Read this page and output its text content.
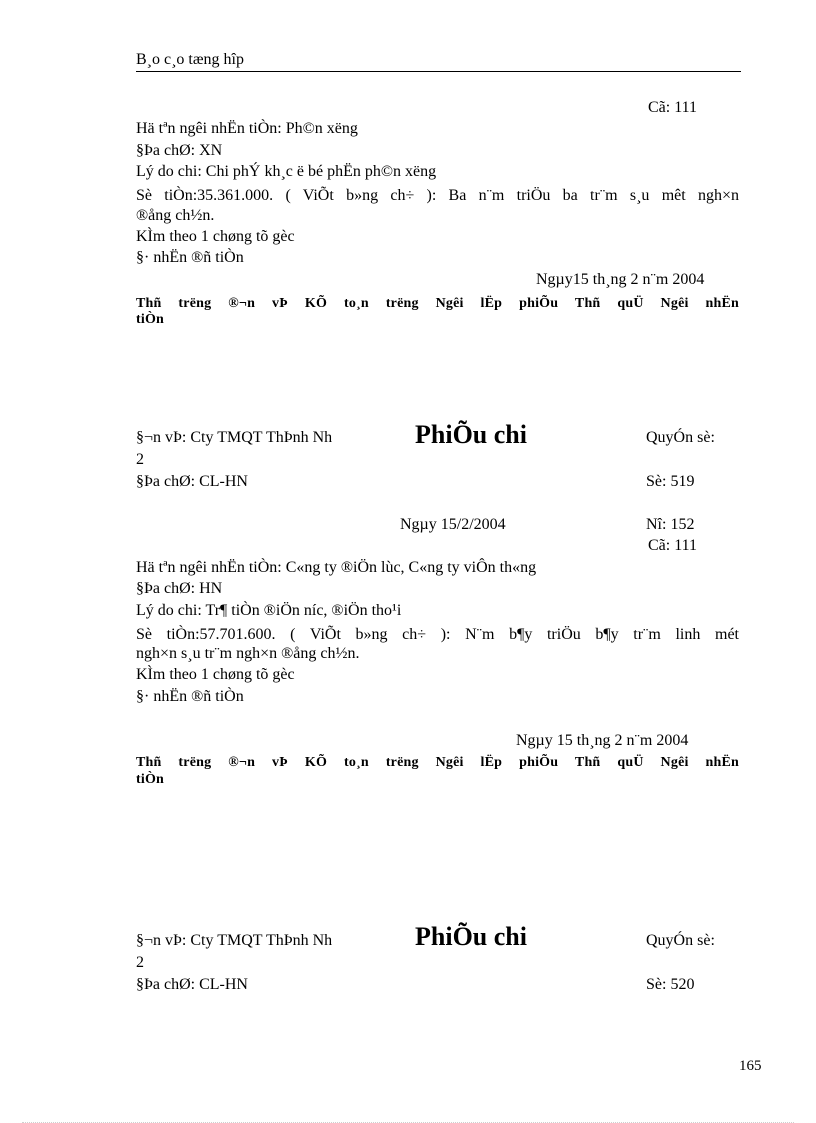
B¸o c¸o tæng hîp
Cã: 111
Hä tªn ngêi nhËn tiÒn: Ph©n xëng
§Þa chØ: XN
Lý do chi: Chi phÝ kh¸c ë bé phËn ph©n xëng
Sè tiÒn:35.361.000. ( ViÕt b»ng ch÷ ): Ba n¨m triÖu ba tr¨m s¸u mêt ngh×n
®ång ch½n.
KÌm theo 1 chøng tõ gèc
§· nhËn ®ñ tiÒn
Ngµy15 th¸ng 2 n¨m 2004
Thñ trëng ®¬n vÞ KÕ to¸n trëng Ngêi lËp phiÕu Thñ quÜ Ngêi nhËn
tiÒn
§¬n vÞ: Cty TMQT ThÞnh Nh	PhiÕu chi	QuyÓn sè:
2
§Þa chØ: CL-HN	Sè: 519
Ngµy 15/2/2004	Nî: 152
Cã: 111
Hä tªn ngêi nhËn tiÒn: C«ng ty ®iÖn lùc, C«ng ty viÔn th«ng
§Þa chØ: HN
Lý do chi: Tr¶ tiÒn ®iÖn níc, ®iÖn tho¹i
Sè tiÒn:57.701.600. ( ViÕt b»ng ch÷ ): N¨m b¶y triÖu b¶y tr¨m linh mét
ngh×n s¸u tr¨m ngh×n ®ång ch½n.
KÌm theo 1 chøng tõ gèc
§· nhËn ®ñ tiÒn
Ngµy 15 th¸ng 2 n¨m 2004
Thñ trëng ®¬n vÞ KÕ to¸n trëng Ngêi lËp phiÕu Thñ quÜ Ngêi nhËn
tiÒn
§¬n vÞ: Cty TMQT ThÞnh Nh	PhiÕu chi	QuyÓn sè:
2
§Þa chØ: CL-HN	Sè: 520
165
